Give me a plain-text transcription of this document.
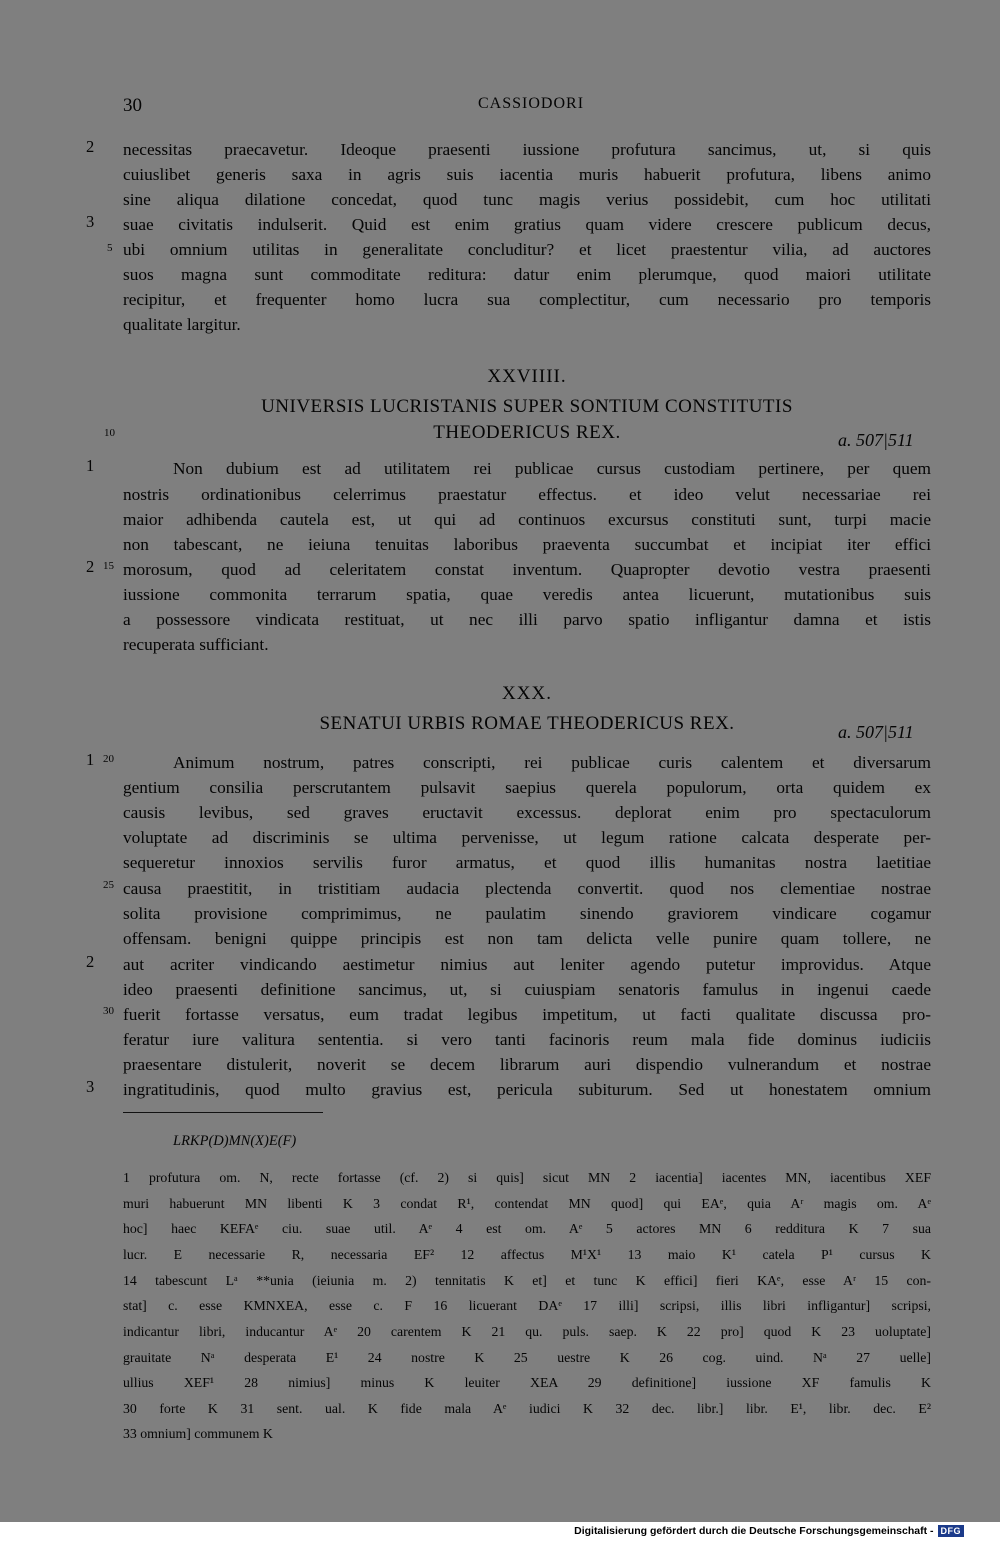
30	CASSIODORI
2
3
5
necessitas praecavetur. Ideoque praesenti iussione profutura sancimus, ut, si quis
cuiuslibet generis saxa in agris suis iacentia muris habuerit profutura, libens animo
sine aliqua dilatione concedat, quod tunc magis verius possidebit, cum hoc utilitati
suae civitatis indulserit. Quid est enim gratius quam videre crescere publicum decus,
ubi omnium utilitas in generalitate concluditur? et licet praestentur vilia, ad auctores
suos magna sunt commoditate reditura: datur enim plerumque, quod maiori utilitate
recipitur, et frequenter homo lucra sua complectitur, cum necessario pro temporis
qualitate largitur.
XXVIIII.
UNIVERSIS LUCRISTANIS SUPER SONTIUM CONSTITUTIS
THEODERICUS REX.	a. 507|511
10
1
2 15
Non dubium est ad utilitatem rei publicae cursus custodiam pertinere, per quem
nostris ordinationibus celerrimus praestatur effectus. et ideo velut necessariae rei
maior adhibenda cautela est, ut qui ad continuos excursus constituti sunt, turpi macie
non tabescant, ne ieiuna tenuitas laboribus praeventa succumbat et incipiat iter effici
morosum, quod ad celeritatem constat inventum. Quapropter devotio vestra praesenti
iussione commonita terrarum spatia, quae veredis antea licuerunt, mutationibus suis
a possessore vindicata restituat, ut nec illi parvo spatio infligantur damna et istis
recuperata sufficiant.
XXX.
SENATUI URBIS ROMAE THEODERICUS REX.	a. 507|511
1 20
25
2
30
3
Animum nostrum, patres conscripti, rei publicae curis calentem et diversarum
gentium consilia perscrutantem pulsavit saepius querela populorum, orta quidem ex
causis levibus, sed graves eructavit excessus. deplorat enim pro spectaculorum
voluptate ad discriminis se ultima pervenisse, ut legum ratione calcata desperate per-
sequeretur innoxios servilis furor armatus, et quod illis humanitas nostra laetitiae
causa praestitit, in tristitiam audacia plectenda convertit. quod nos clementiae nostrae
solita provisione comprimimus, ne paulatim sinendo graviorem vindicare cogamur
offensam. benigni quippe principis est non tam delicta velle punire quam tollere, ne
aut acriter vindicando aestimetur nimius aut leniter agendo putetur improvidus. Atque
ideo praesenti definitione sancimus, ut, si cuiuspiam senatoris famulus in ingenui caede
fuerit fortasse versatus, eum tradat legibus impetitum, ut facti qualitate discussa pro-
feratur iure valitura sententia. si vero tanti facinoris reum mala fide dominus iudiciis
praesentare distulerit, noverit se decem librarum auri dispendio vulnerandum et nostrae
ingratitudinis, quod multo gravius est, pericula subiturum. Sed ut honestatem omnium
LRKP(D)MN(X)E(F)
1 profutura om. N, recte fortasse (cf. 2) si quis] sicut MN 2 iacentia] iacentes MN, iacentibus XEF
muri habuerunt MN libenti K 3 condat R¹, contendat MN quod] qui EAᵉ, quia Aʳ magis om. Aᵉ
hoc] haec KEFAᵉ ciu. suae util. Aᵉ 4 est om. Aᵉ 5 actores MN 6 redditura K 7 sua
lucr. E necessarie R, necessaria EF² 12 affectus M¹X¹ 13 maio K¹ catela P¹ cursus K
14 tabescunt Lᵃ **unia (ieiunia m. 2) tennitatis K et] et tunc K effici] fieri KAᵉ, esse Aʳ 15 con-
stat] c. esse KMNXEA, esse c. F 16 licuerant DAᵉ 17 illi] scripsi, illis libri infligantur] scripsi,
indicantur libri, inducantur Aᵉ 20 carentem K 21 qu. puls. saep. K 22 pro] quod K 23 uoluptate]
grauitate Nᵃ desperata E¹ 24 nostre K 25 uestre K 26 cog. uind. Nᵃ 27 uelle]
ullius XEF¹ 28 nimius] minus K leuiter XEA 29 definitione] iussione XF famulis K
30 forte K 31 sent. ual. K fide mala Aᵉ iudici K 32 dec. libr.] libr. E¹, libr. dec. E²
33 omnium] communem K
Digitalisierung gefördert durch die Deutsche Forschungsgemeinschaft - DFG
